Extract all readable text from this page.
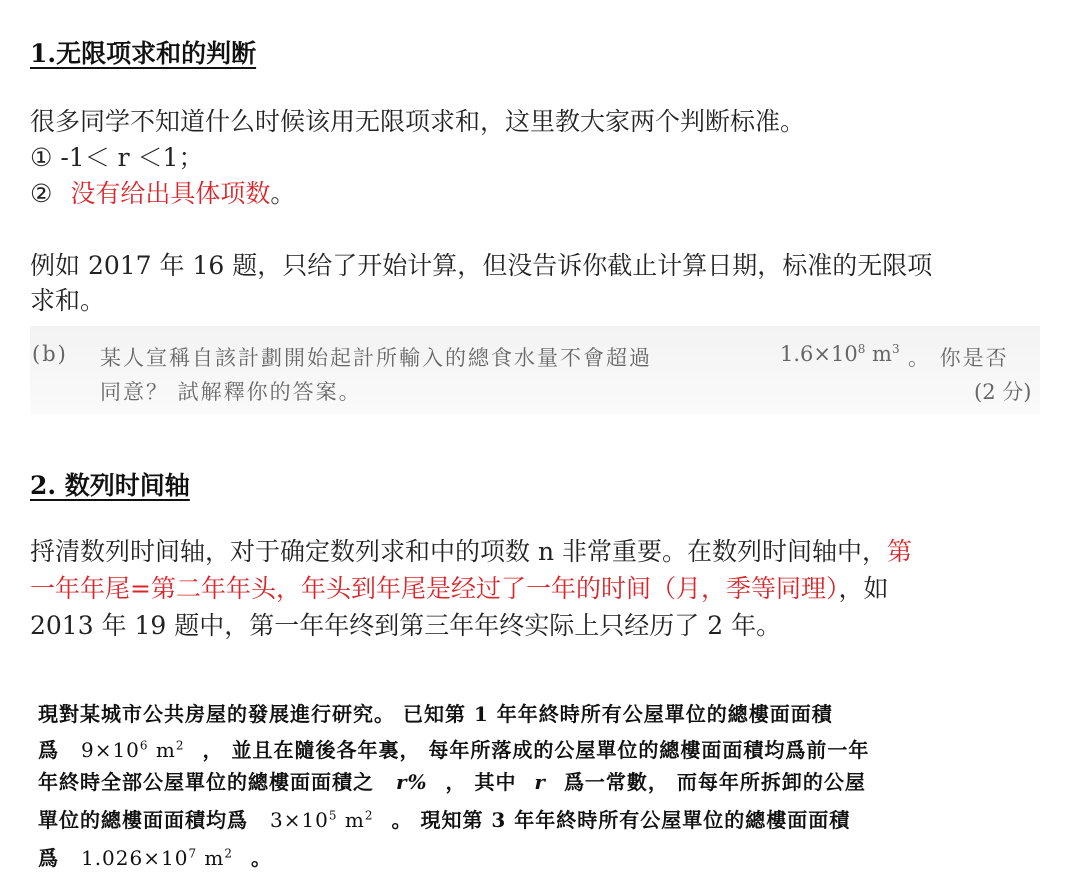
1.无限项求和的判断
很多同学不知道什么时候该用无限项求和，这里教大家两个判断标准。
① -1＜ r ＜1；
② 没有给出具体项数。
例如 2017 年 16 题，只给了开始计算，但没告诉你截止计算日期，标准的无限项
求和。
(b) 某人宣稱自該計劃開始起計所輸入的總食水量不會超過	$1.6\times 10^8$ $m^3$ 。 你是否
同意？ 試解釋你的答案。	(2 分)
2. 数列时间轴
捋清数列时间轴，对于确定数列求和中的项数 n 非常重要。在数列时间轴中，第
一年年尾=第二年年头，年头到年尾是经过了一年的时间（月，季等同理），如
2013 年 19 题中，第一年年终到第三年年终实际上只经历了 2 年。
現對某城市公共房屋的發展進行研究。 已知第 1 年年終時所有公屋單位的總樓面面積
爲 $9\times 10^6$ $m^2$ ， 並且在隨後各年裏， 每年所落成的公屋單位的總樓面面積均爲前一年
年終時全部公屋單位的總樓面面積之 r% ， 其中 r 爲一常數， 而每年所拆卸的公屋
單位的總樓面面積均爲 $3\times 10^5$ $m^2$ 。 現知第 3 年年終時所有公屋單位的總樓面面積
爲 $1.026\times 10^7$ $m^2$ 。
